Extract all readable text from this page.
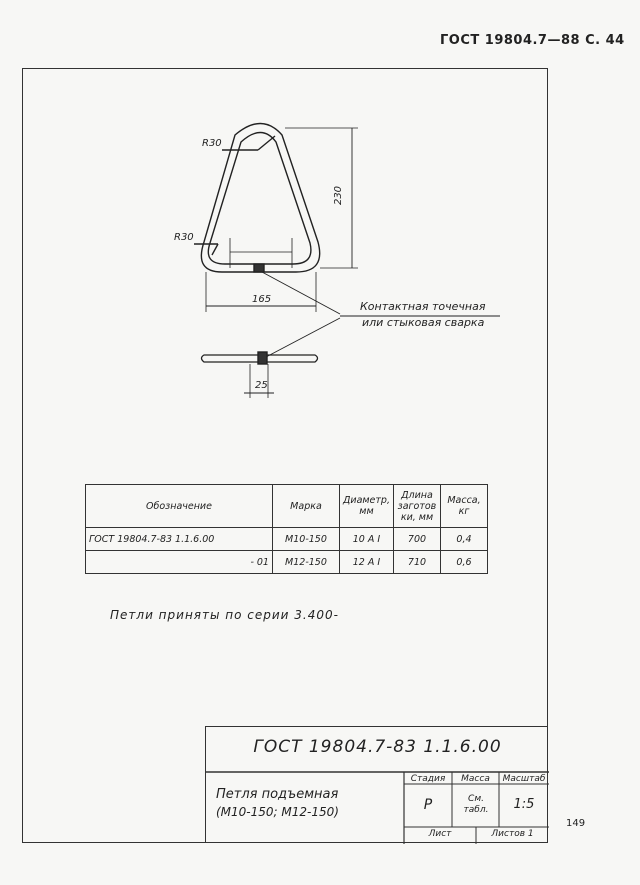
ГОСТ 19804.7—88 С. 44
R30
R30
230
165
25
Контактная точечная
или стыковая сварка
Обозначение	Марка	Диаметр, мм	Длина заготов ки, мм	Масса, кг
ГОСТ 19804.7-83 1.1.6.00	М10-150	10 А I	700	0,4
- 01	М12-150	12 А I	710	0,6
Петли приняты по серии 3.400-
ГОСТ 19804.7-83 1.1.6.00
Петля подъемная
(М10-150; М12-150)
Стадия	Масса	Масштаб
Р	См. табл.	1:5
Лист	Листов 1
149
